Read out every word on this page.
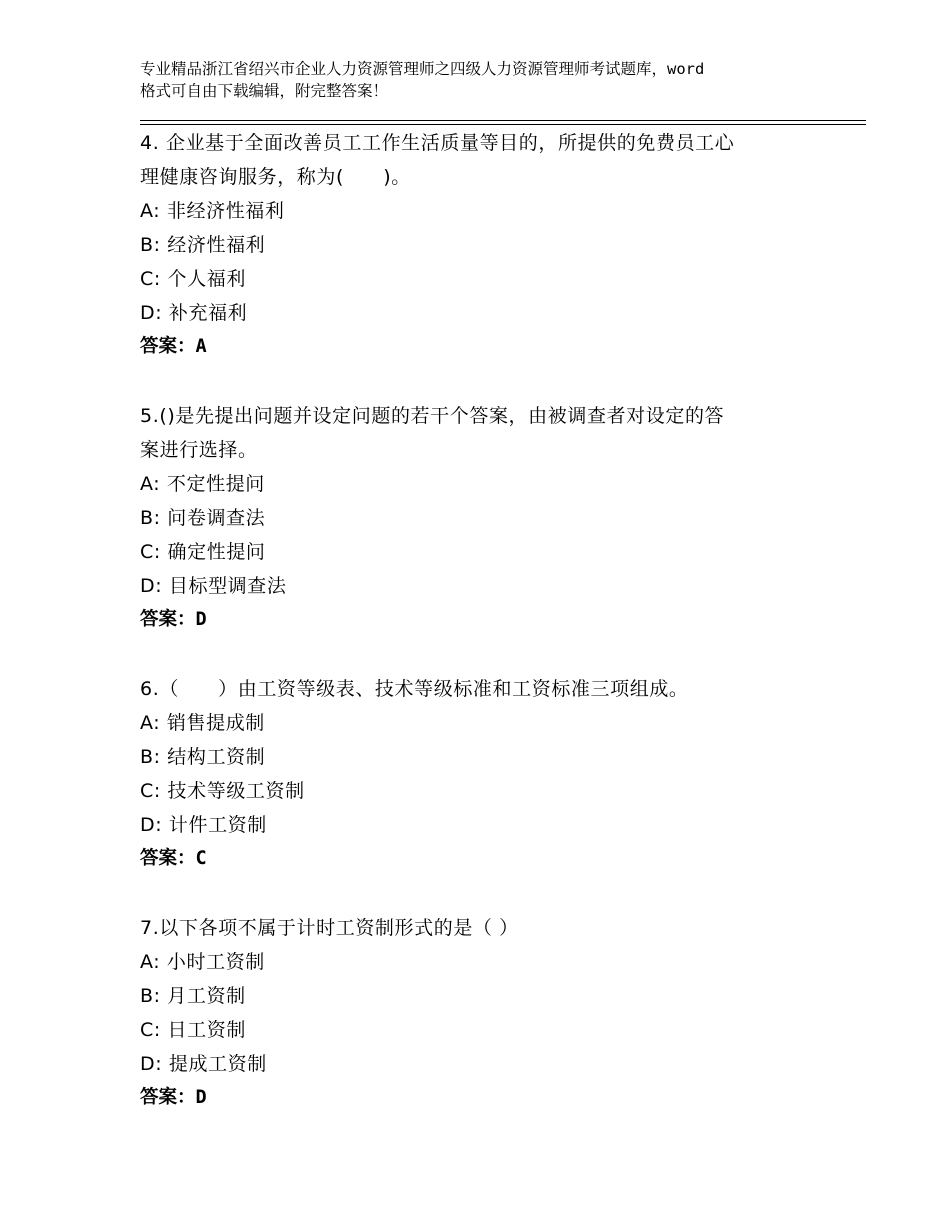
专业精品浙江省绍兴市企业人力资源管理师之四级人力资源管理师考试题库，word
格式可自由下载编辑，附完整答案！
4. 企业基于全面改善员工工作生活质量等目的，所提供的免费员工心
理健康咨询服务，称为(　　)。
A: 非经济性福利
B: 经济性福利
C: 个人福利
D: 补充福利
答案：A
5.()是先提出问题并设定问题的若干个答案，由被调查者对设定的答
案进行选择。
A: 不定性提问
B: 问卷调查法
C: 确定性提问
D: 目标型调查法
答案：D
6.（　　）由工资等级表、技术等级标准和工资标准三项组成。
A: 销售提成制
B: 结构工资制
C: 技术等级工资制
D: 计件工资制
答案：C
7.以下各项不属于计时工资制形式的是（ ）
A: 小时工资制
B: 月工资制
C: 日工资制
D: 提成工资制
答案：D
